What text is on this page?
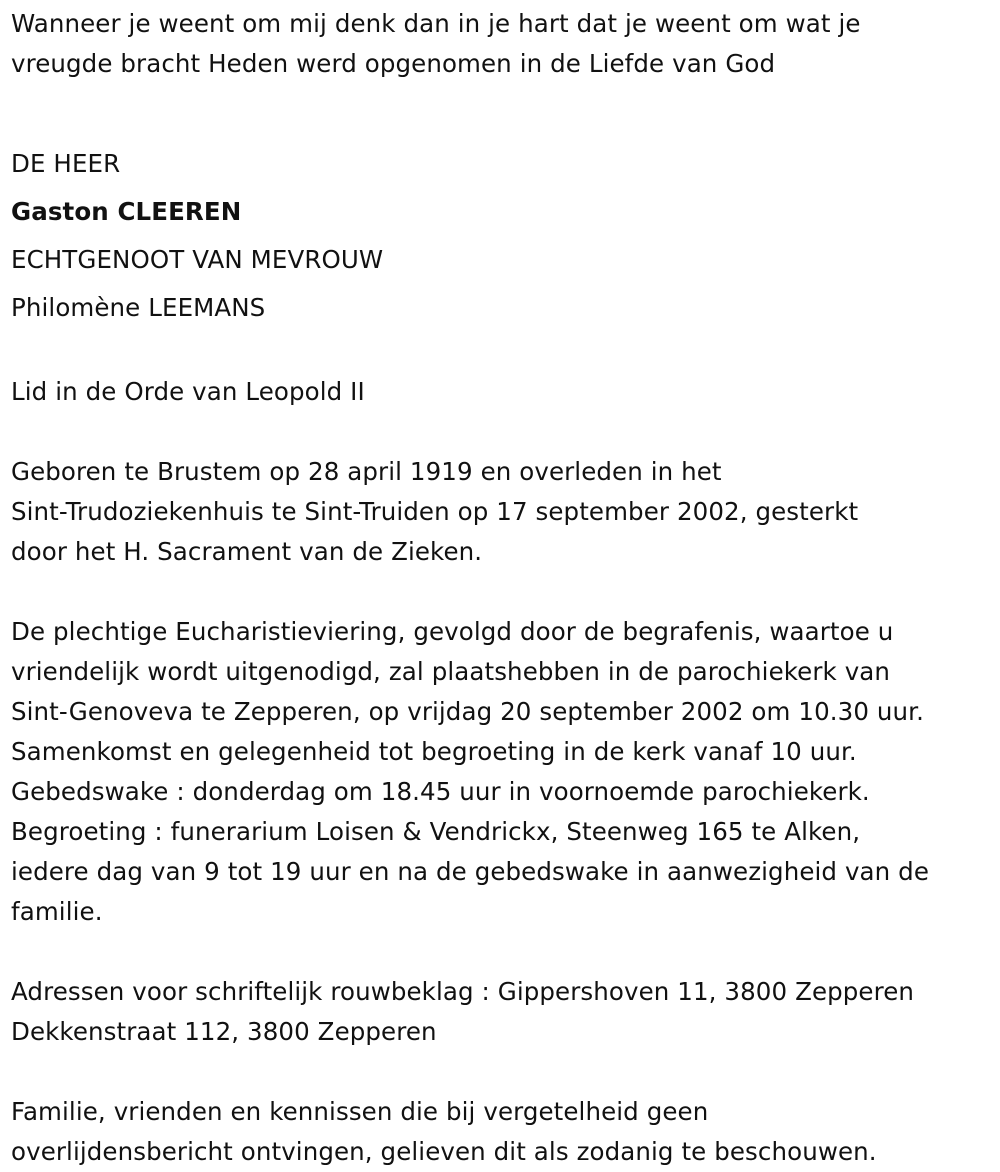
Wanneer je weent om mij denk dan in je hart dat je weent om wat je

vreugde bracht Heden werd opgenomen in de Liefde van God

DE HEER

Gaston CLEEREN

ECHTGENOOT VAN MEVROUW

Philomène LEEMANS

Lid in de Orde van Leopold II

Geboren te Brustem op 28 april 1919 en overleden in het

Sint-Trudoziekenhuis te Sint-Truiden op 17 september 2002, gesterkt

door het H. Sacrament van de Zieken.

De plechtige Eucharistieviering, gevolgd door de begrafenis, waartoe u

vriendelijk wordt uitgenodigd, zal plaatshebben in de parochiekerk van

Sint-Genoveva te Zepperen, op vrijdag 20 september 2002 om 10.30 uur.

Samenkomst en gelegenheid tot begroeting in de kerk vanaf 10 uur.

Gebedswake : donderdag om 18.45 uur in voornoemde parochiekerk.

Begroeting : funerarium Loisen & Vendrickx, Steenweg 165 te Alken,

iedere dag van 9 tot 19 uur en na de gebedswake in aanwezigheid van de

familie.

Adressen voor schriftelijk rouwbeklag : Gippershoven 11, 3800 Zepperen

Dekkenstraat 112, 3800 Zepperen

Familie, vrienden en kennissen die bij vergetelheid geen

overlijdensbericht ontvingen, gelieven dit als zodanig te beschouwen.
